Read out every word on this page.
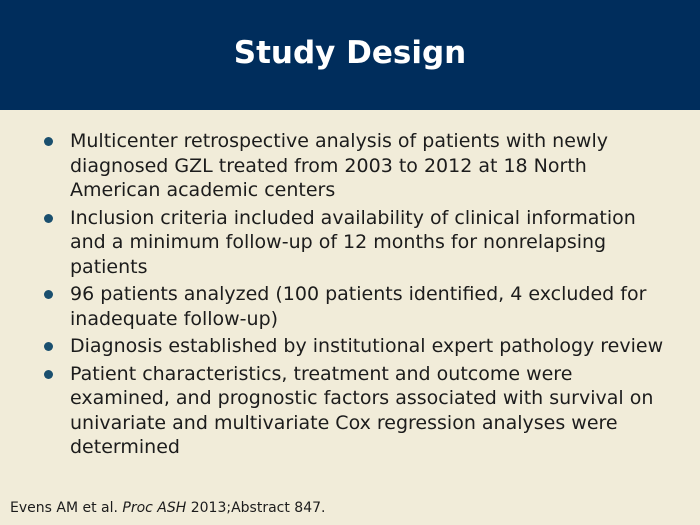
Study Design
Multicenter retrospective analysis of patients with newly diagnosed GZL treated from 2003 to 2012 at 18 North American academic centers
Inclusion criteria included availability of clinical information and a minimum follow-up of 12 months for nonrelapsing patients
96 patients analyzed (100 patients identified, 4 excluded for inadequate follow-up)
Diagnosis established by institutional expert pathology review
Patient characteristics, treatment and outcome were examined, and prognostic factors associated with survival on univariate and multivariate Cox regression analyses were determined
Evens AM et al. Proc ASH 2013;Abstract 847.
